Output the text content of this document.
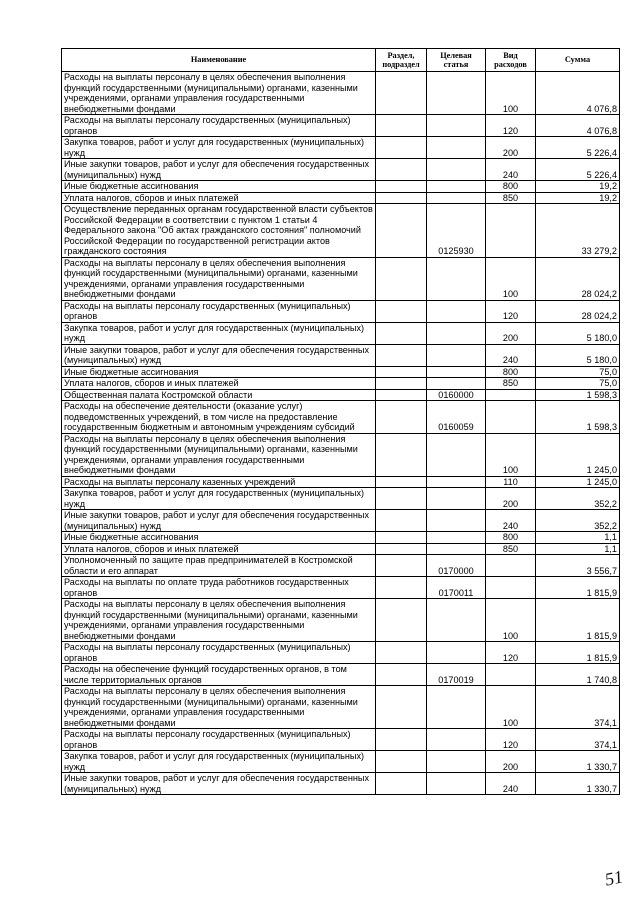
Наименование	Раздел, подраздел	Целевая статья	Вид расходов	Сумма
Расходы на выплаты персоналу в целях обеспечения выполнения функций государственными (муниципальными) органами, казенными учреждениями, органами управления государственными внебюджетными фондами			100	4 076,8
Расходы на выплаты персоналу государственных (муниципальных) органов			120	4 076,8
Закупка товаров, работ и услуг для государственных (муниципальных) нужд			200	5 226,4
Иные закупки товаров, работ и услуг для обеспечения государственных (муниципальных) нужд			240	5 226,4
Иные бюджетные ассигнования			800	19,2
Уплата налогов, сборов и иных платежей			850	19,2
Осуществление переданных органам государственной власти субъектов Российской Федерации в соответствии с пунктом 1 статьи 4 Федерального закона "Об актах гражданского состояния" полномочий Российской Федерации по государственной регистрации актов гражданского состояния		0125930		33 279,2
Расходы на выплаты персоналу в целях обеспечения выполнения функций государственными (муниципальными) органами, казенными учреждениями, органами управления государственными внебюджетными фондами			100	28 024,2
Расходы на выплаты персоналу государственных (муниципальных) органов			120	28 024,2
Закупка товаров, работ и услуг для государственных (муниципальных) нужд			200	5 180,0
Иные закупки товаров, работ и услуг для обеспечения государственных (муниципальных) нужд			240	5 180,0
Иные бюджетные ассигнования			800	75,0
Уплата налогов, сборов и иных платежей			850	75,0
Общественная палата Костромской области		0160000		1 598,3
Расходы на обеспечение деятельности (оказание услуг) подведомственных учреждений, в том числе на предоставление государственным бюджетным и автономным учреждениям субсидий		0160059		1 598,3
Расходы на выплаты персоналу в целях обеспечения выполнения функций государственными (муниципальными) органами, казенными учреждениями, органами управления государственными внебюджетными фондами			100	1 245,0
Расходы на выплаты персоналу казенных учреждений			110	1 245,0
Закупка товаров, работ и услуг для государственных (муниципальных) нужд			200	352,2
Иные закупки товаров, работ и услуг для обеспечения государственных (муниципальных) нужд			240	352,2
Иные бюджетные ассигнования			800	1,1
Уплата налогов, сборов и иных платежей			850	1,1
Уполномоченный по защите прав предпринимателей в Костромской области и его аппарат		0170000		3 556,7
Расходы на выплаты по оплате труда работников государственных органов		0170011		1 815,9
Расходы на выплаты персоналу в целях обеспечения выполнения функций государственными (муниципальными) органами, казенными учреждениями, органами управления государственными внебюджетными фондами			100	1 815,9
Расходы на выплаты персоналу государственных (муниципальных) органов			120	1 815,9
Расходы на обеспечение функций государственных органов, в том числе территориальных органов		0170019		1 740,8
Расходы на выплаты персоналу в целях обеспечения выполнения функций государственными (муниципальными) органами, казенными учреждениями, органами управления государственными внебюджетными фондами			100	374,1
Расходы на выплаты персоналу государственных (муниципальных) органов			120	374,1
Закупка товаров, работ и услуг для государственных (муниципальных) нужд			200	1 330,7
Иные закупки товаров, работ и услуг для обеспечения государственных (муниципальных) нужд			240	1 330,7
51
